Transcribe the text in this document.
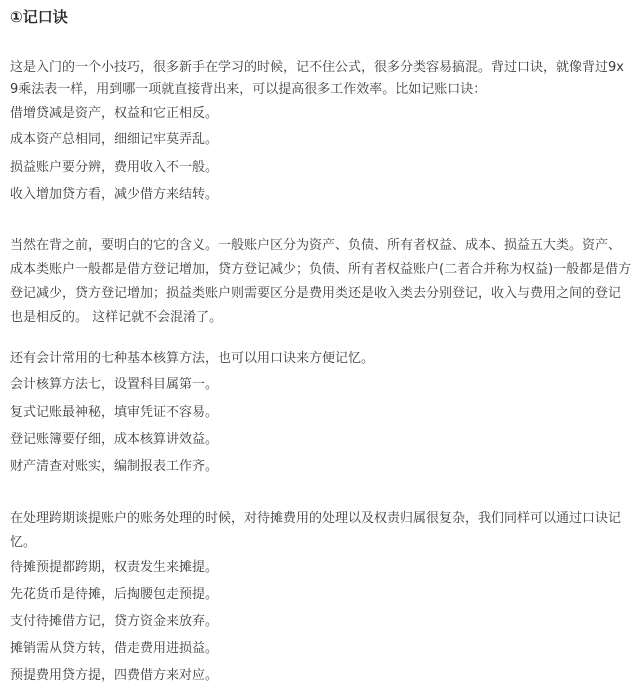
①记口诀
这是入门的一个小技巧，很多新手在学习的时候，记不住公式，很多分类容易搞混。背过口诀，就像背过9x9乘法表一样，用到哪一项就直接背出来，可以提高很多工作效率。比如记账口诀：
借增贷减是资产，权益和它正相反。
成本资产总相同，细细记牢莫弄乱。
损益账户要分辨，费用收入不一般。
收入增加贷方看，减少借方来结转。
当然在背之前，要明白的它的含义。一般账户区分为资产、负债、所有者权益、成本、损益五大类。资产、成本类账户一般都是借方登记增加，贷方登记减少；负债、所有者权益账户(二者合并称为权益)一般都是借方登记减少，贷方登记增加；损益类账户则需要区分是费用类还是收入类去分别登记，收入与费用之间的登记也是相反的。 这样记就不会混淆了。
还有会计常用的七种基本核算方法，也可以用口诀来方便记忆。
会计核算方法七，设置科目属第一。
复式记账最神秘，填审凭证不容易。
登记账簿要仔细，成本核算讲效益。
财产清查对账实，编制报表工作齐。
在处理跨期谈提账户的账务处理的时候，对待摊费用的处理以及权责归属很复杂，我们同样可以通过口诀记忆。
待摊预提都跨期，权责发生来摊提。
先花货币是待摊，后掏腰包走预提。
支付待摊借方记，贷方资金来放弃。
摊销需从贷方转，借走费用进损益。
预提费用贷方提，四费借方来对应。
